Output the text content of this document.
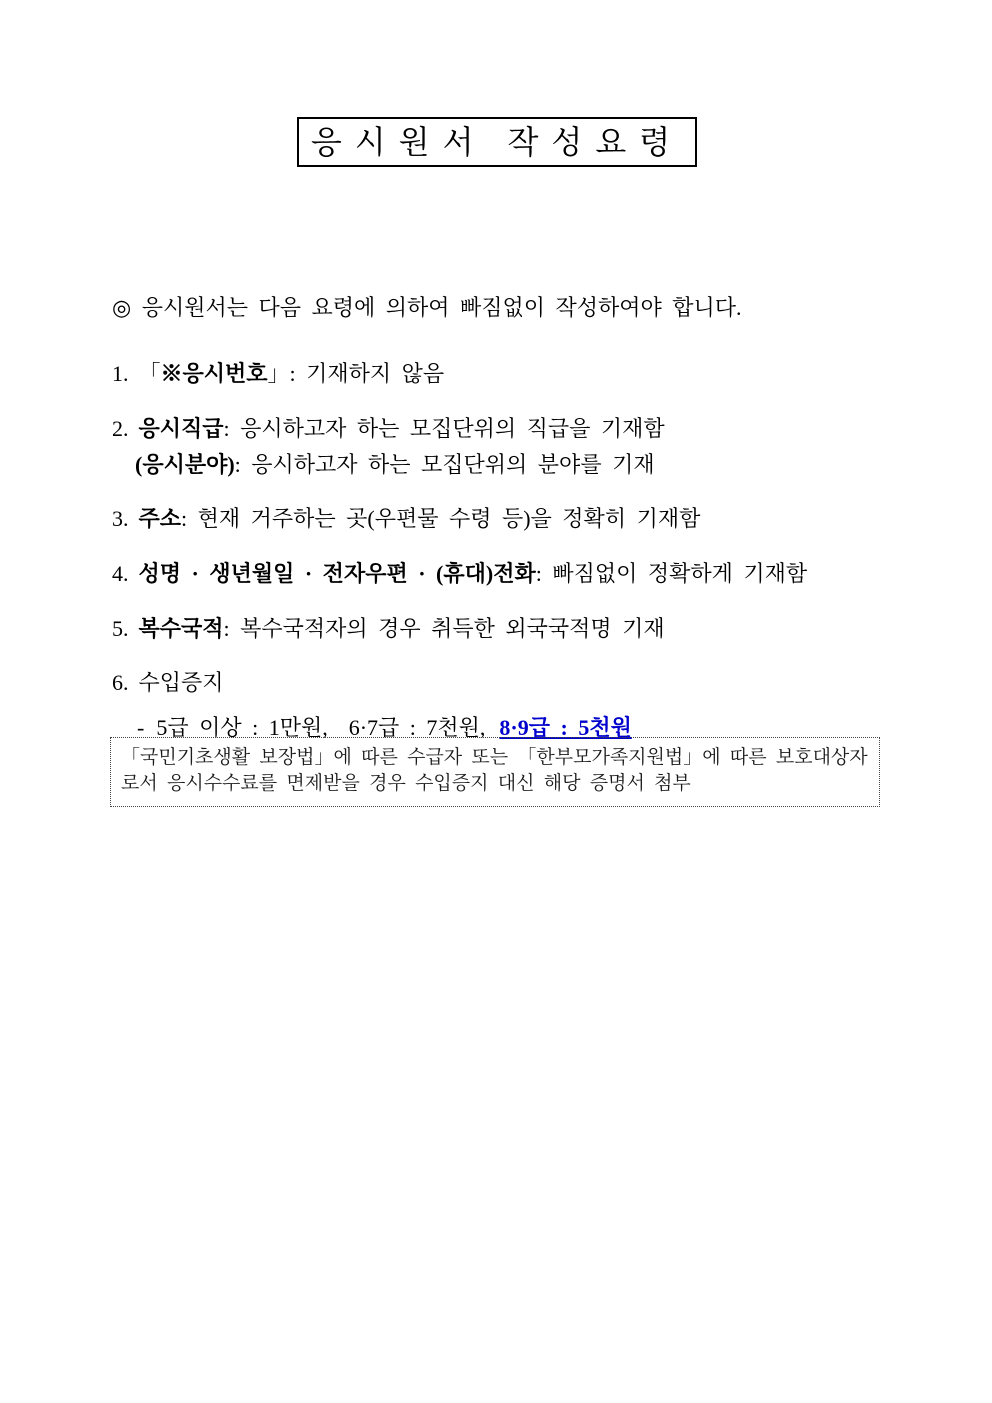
응시원서 작성요령

◎ 응시원서는 다음 요령에 의하여 빠짐없이 작성하여야 합니다.

1. 「※응시번호」: 기재하지 않음

2. 응시직급: 응시하고자 하는 모집단위의 직급을 기재함

(응시분야): 응시하고자 하는 모집단위의 분야를 기재

3. 주소: 현재 거주하는 곳(우편물 수령 등)을 정확히 기재함

4. 성명 · 생년월일 · 전자우편 · (휴대)전화: 빠짐없이 정확하게 기재함

5. 복수국적: 복수국적자의 경우 취득한 외국국적명 기재

6. 수입증지

- 5급 이상 : 1만원,  6·7급 : 7천원, 8·9급 : 5천원

「국민기초생활 보장법」에 따른 수급자 또는 「한부모가족지원법」에 따른 보호대상자로서 응시수수료를 면제받을 경우 수입증지 대신 해당 증명서 첨부
